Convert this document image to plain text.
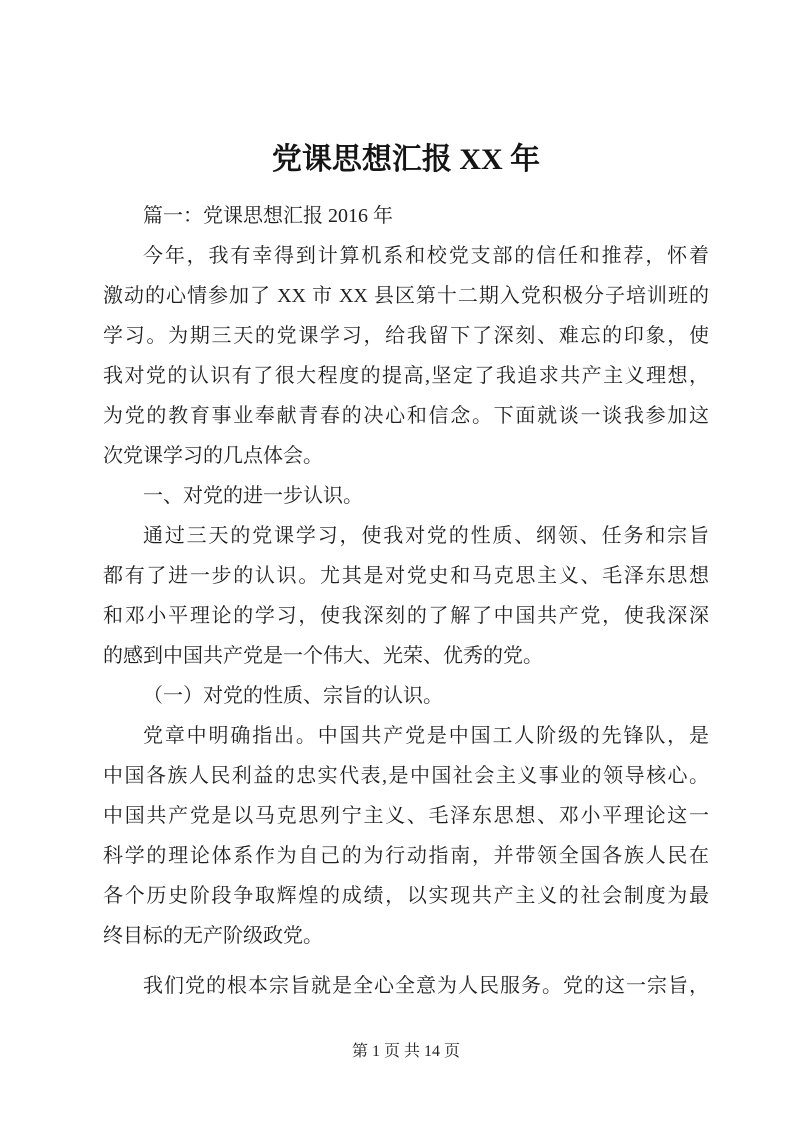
党课思想汇报 XX 年
篇一：党课思想汇报 2016 年
今年，我有幸得到计算机系和校党支部的信任和推荐，怀着
激动的心情参加了 XX 市 XX 县区第十二期入党积极分子培训班的
学习。为期三天的党课学习，给我留下了深刻、难忘的印象，使
我对党的认识有了很大程度的提高,坚定了我追求共产主义理想，
为党的教育事业奉献青春的决心和信念。下面就谈一谈我参加这
次党课学习的几点体会。
一、对党的进一步认识。
通过三天的党课学习，使我对党的性质、纲领、任务和宗旨
都有了进一步的认识。尤其是对党史和马克思主义、毛泽东思想
和邓小平理论的学习，使我深刻的了解了中国共产党，使我深深
的感到中国共产党是一个伟大、光荣、优秀的党。
（一）对党的性质、宗旨的认识。
党章中明确指出。中国共产党是中国工人阶级的先锋队，是
中国各族人民利益的忠实代表,是中国社会主义事业的领导核心。
中国共产党是以马克思列宁主义、毛泽东思想、邓小平理论这一
科学的理论体系作为自己的为行动指南，并带领全国各族人民在
各个历史阶段争取辉煌的成绩，以实现共产主义的社会制度为最
终目标的无产阶级政党。
我们党的根本宗旨就是全心全意为人民服务。党的这一宗旨，
第 1 页 共 14 页
